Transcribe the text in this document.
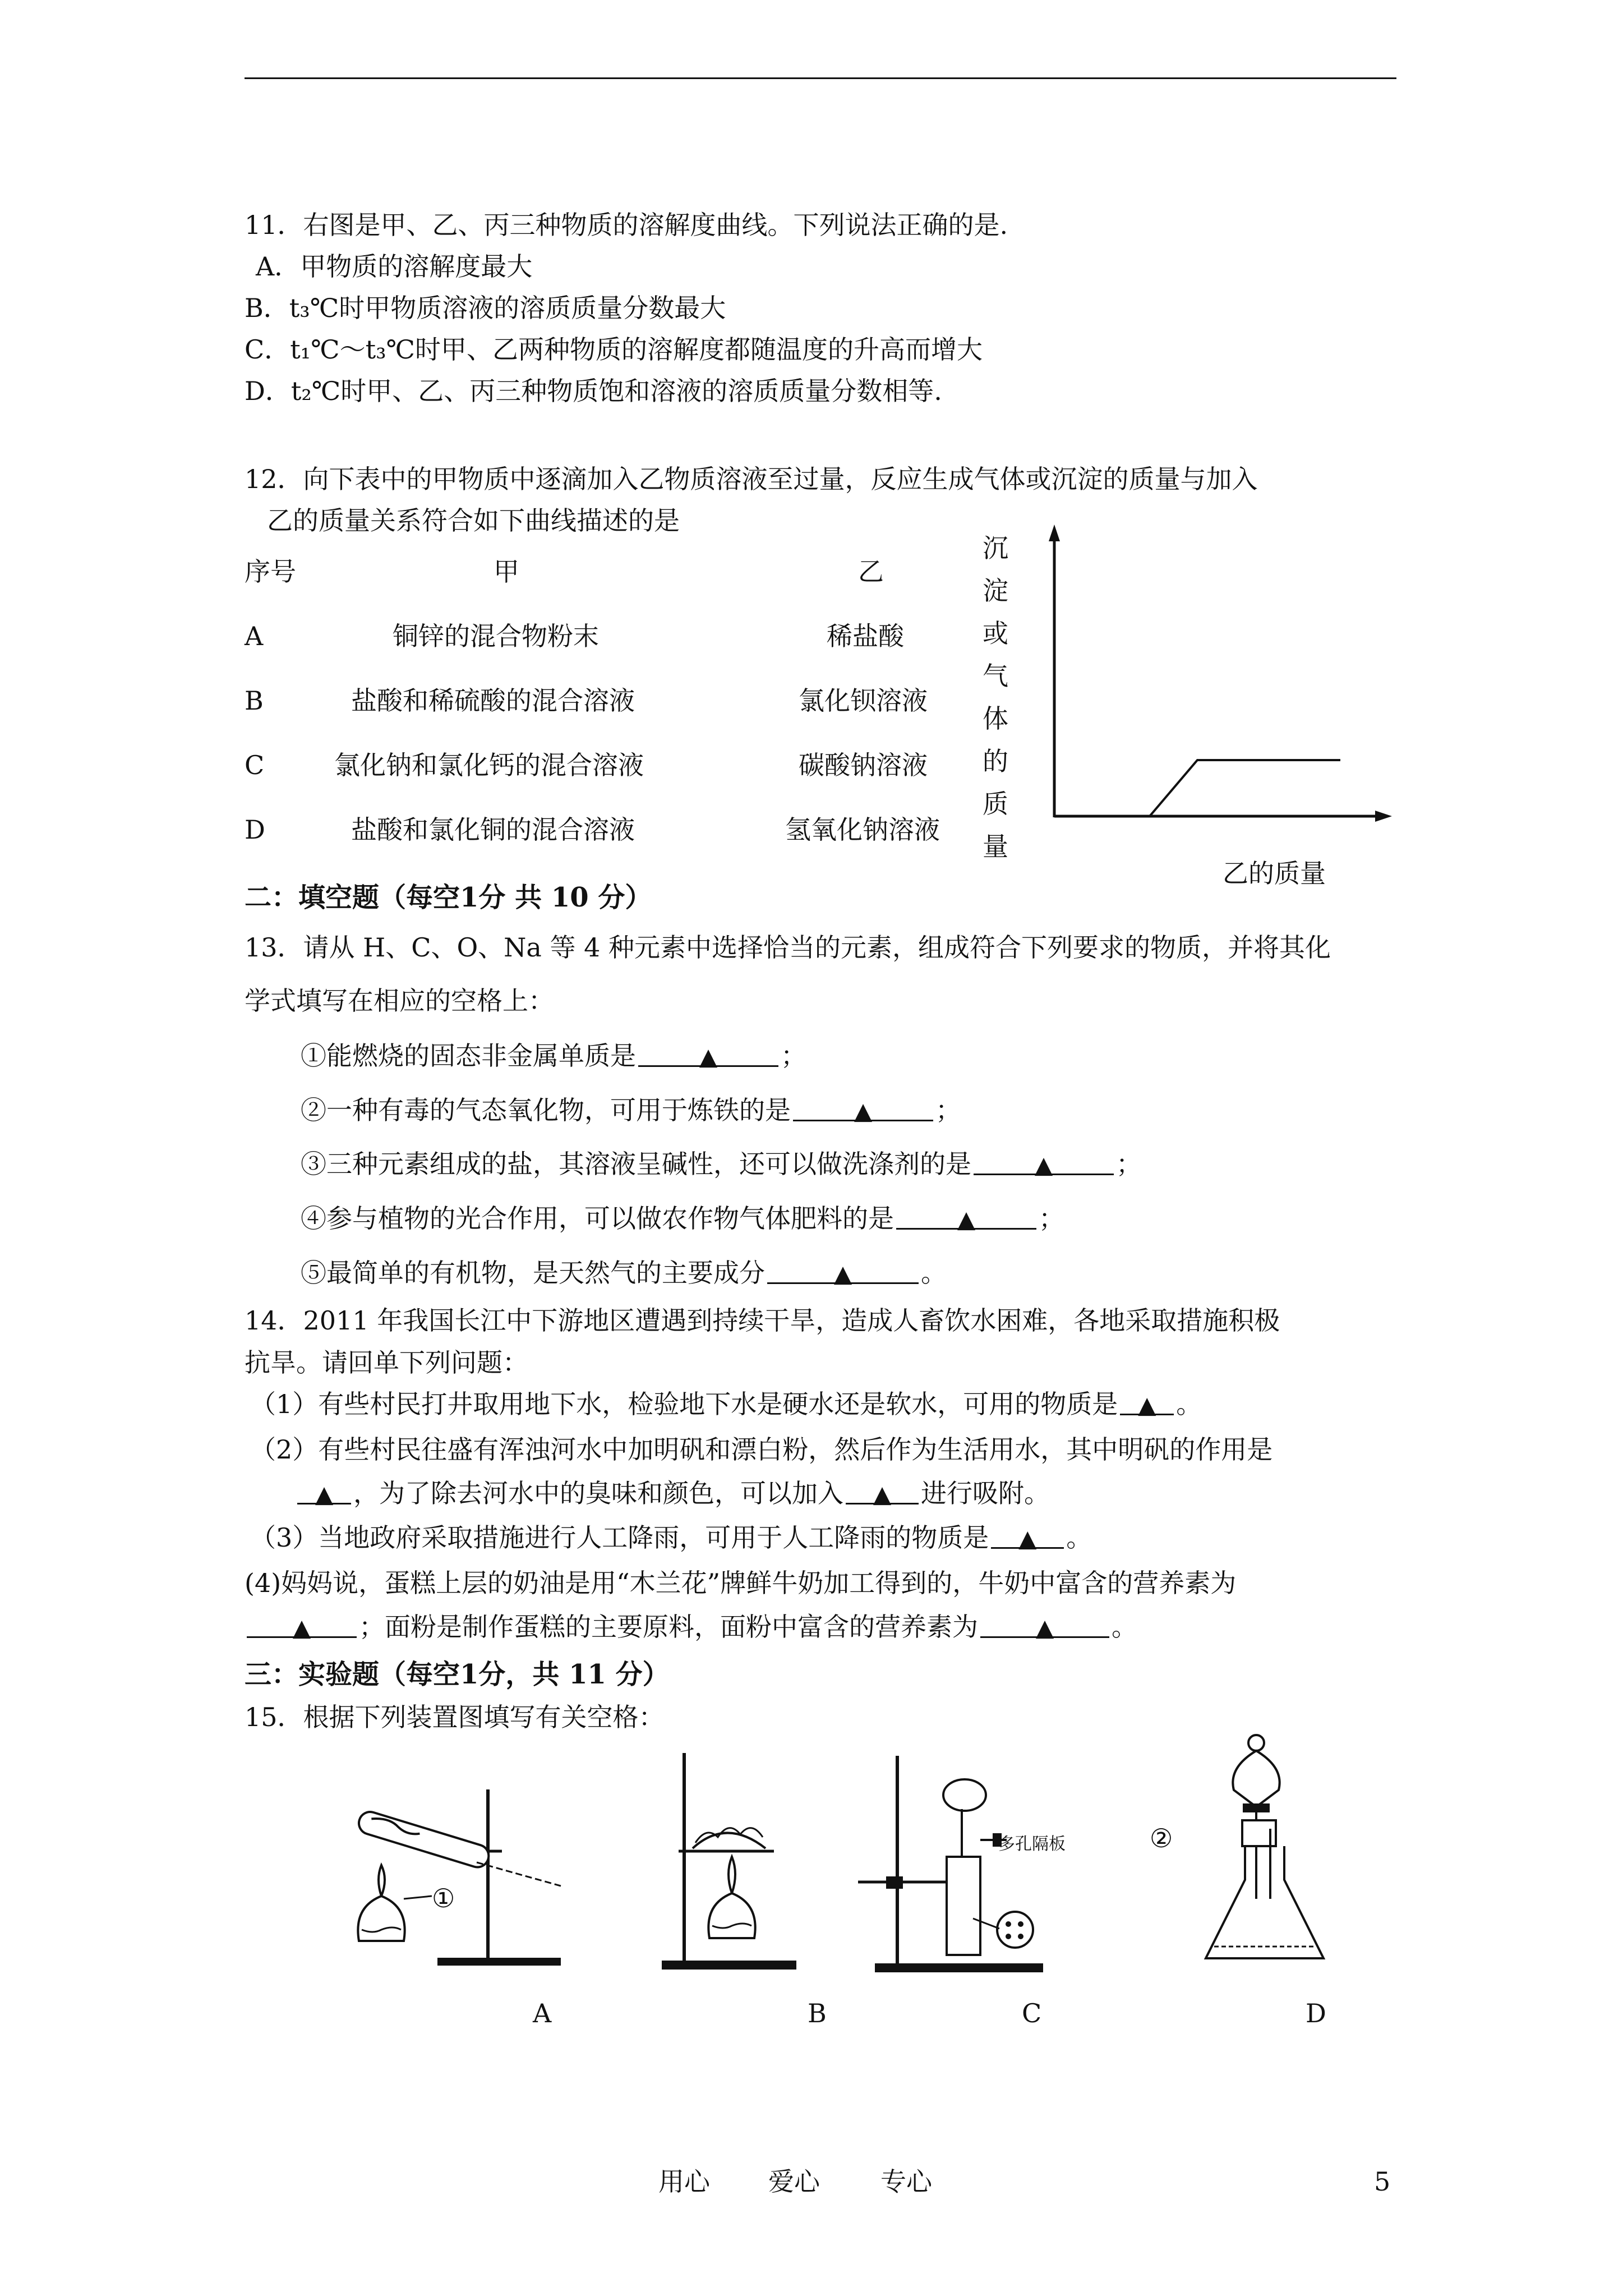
11．右图是甲、乙、丙三种物质的溶解度曲线。下列说法正确的是.
A．甲物质的溶解度最大
B．t₃℃时甲物质溶液的溶质质量分数最大
C．t₁℃～t₃℃时甲、乙两种物质的溶解度都随温度的升高而增大
D．t₂℃时甲、乙、丙三种物质饱和溶液的溶质质量分数相等.
12．向下表中的甲物质中逐滴加入乙物质溶液至过量，反应生成气体或沉淀的质量与加入
乙的质量关系符合如下曲线描述的是
序号	甲	乙
A	铜锌的混合物粉末	稀盐酸
B	盐酸和稀硫酸的混合溶液	氯化钡溶液
C	氯化钠和氯化钙的混合溶液	碳酸钠溶液
D	盐酸和氯化铜的混合溶液	氢氧化钠溶液
沉
淀
或
气
体
的
质
量
乙的质量
二：填空题（每空1分 共 10 分）
13．请从 H、C、O、Na 等 4 种元素中选择恰当的元素，组成符合下列要求的物质，并将其化
学式填写在相应的空格上：
①能燃烧的固态非金属单质是	▲ ；
②一种有毒的气态氧化物，可用于炼铁的是	▲ ；
③三种元素组成的盐，其溶液呈碱性，还可以做洗涤剂的是	▲ ；
④参与植物的光合作用，可以做农作物气体肥料的是	▲ ；
⑤最简单的有机物，是天然气的主要成分	▲	。
14．2011 年我国长江中下游地区遭遇到持续干旱，造成人畜饮水困难，各地采取措施积极
抗旱。请回单下列问题：
（1）有些村民打井取用地下水，检验地下水是硬水还是软水，可用的物质是 ▲ 。
（2）有些村民往盛有浑浊河水中加明矾和漂白粉，然后作为生活用水，其中明矾的作用是
▲ ，为了除去河水中的臭味和颜色，可以加入 ▲ 进行吸附。
（3）当地政府采取措施进行人工降雨，可用于人工降雨的物质是 ▲ 。
(4)妈妈说，蛋糕上层的奶油是用“木兰花”牌鲜牛奶加工得到的，牛奶中富含的营养素为
▲ ；面粉是制作蛋糕的主要原料，面粉中富含的营养素为 ▲ 。
三：实验题（每空1分，共 11 分）
15．根据下列装置图填写有关空格：
①
A	B
多孔隔板
C
②
D
用心 爱心 专心	5
